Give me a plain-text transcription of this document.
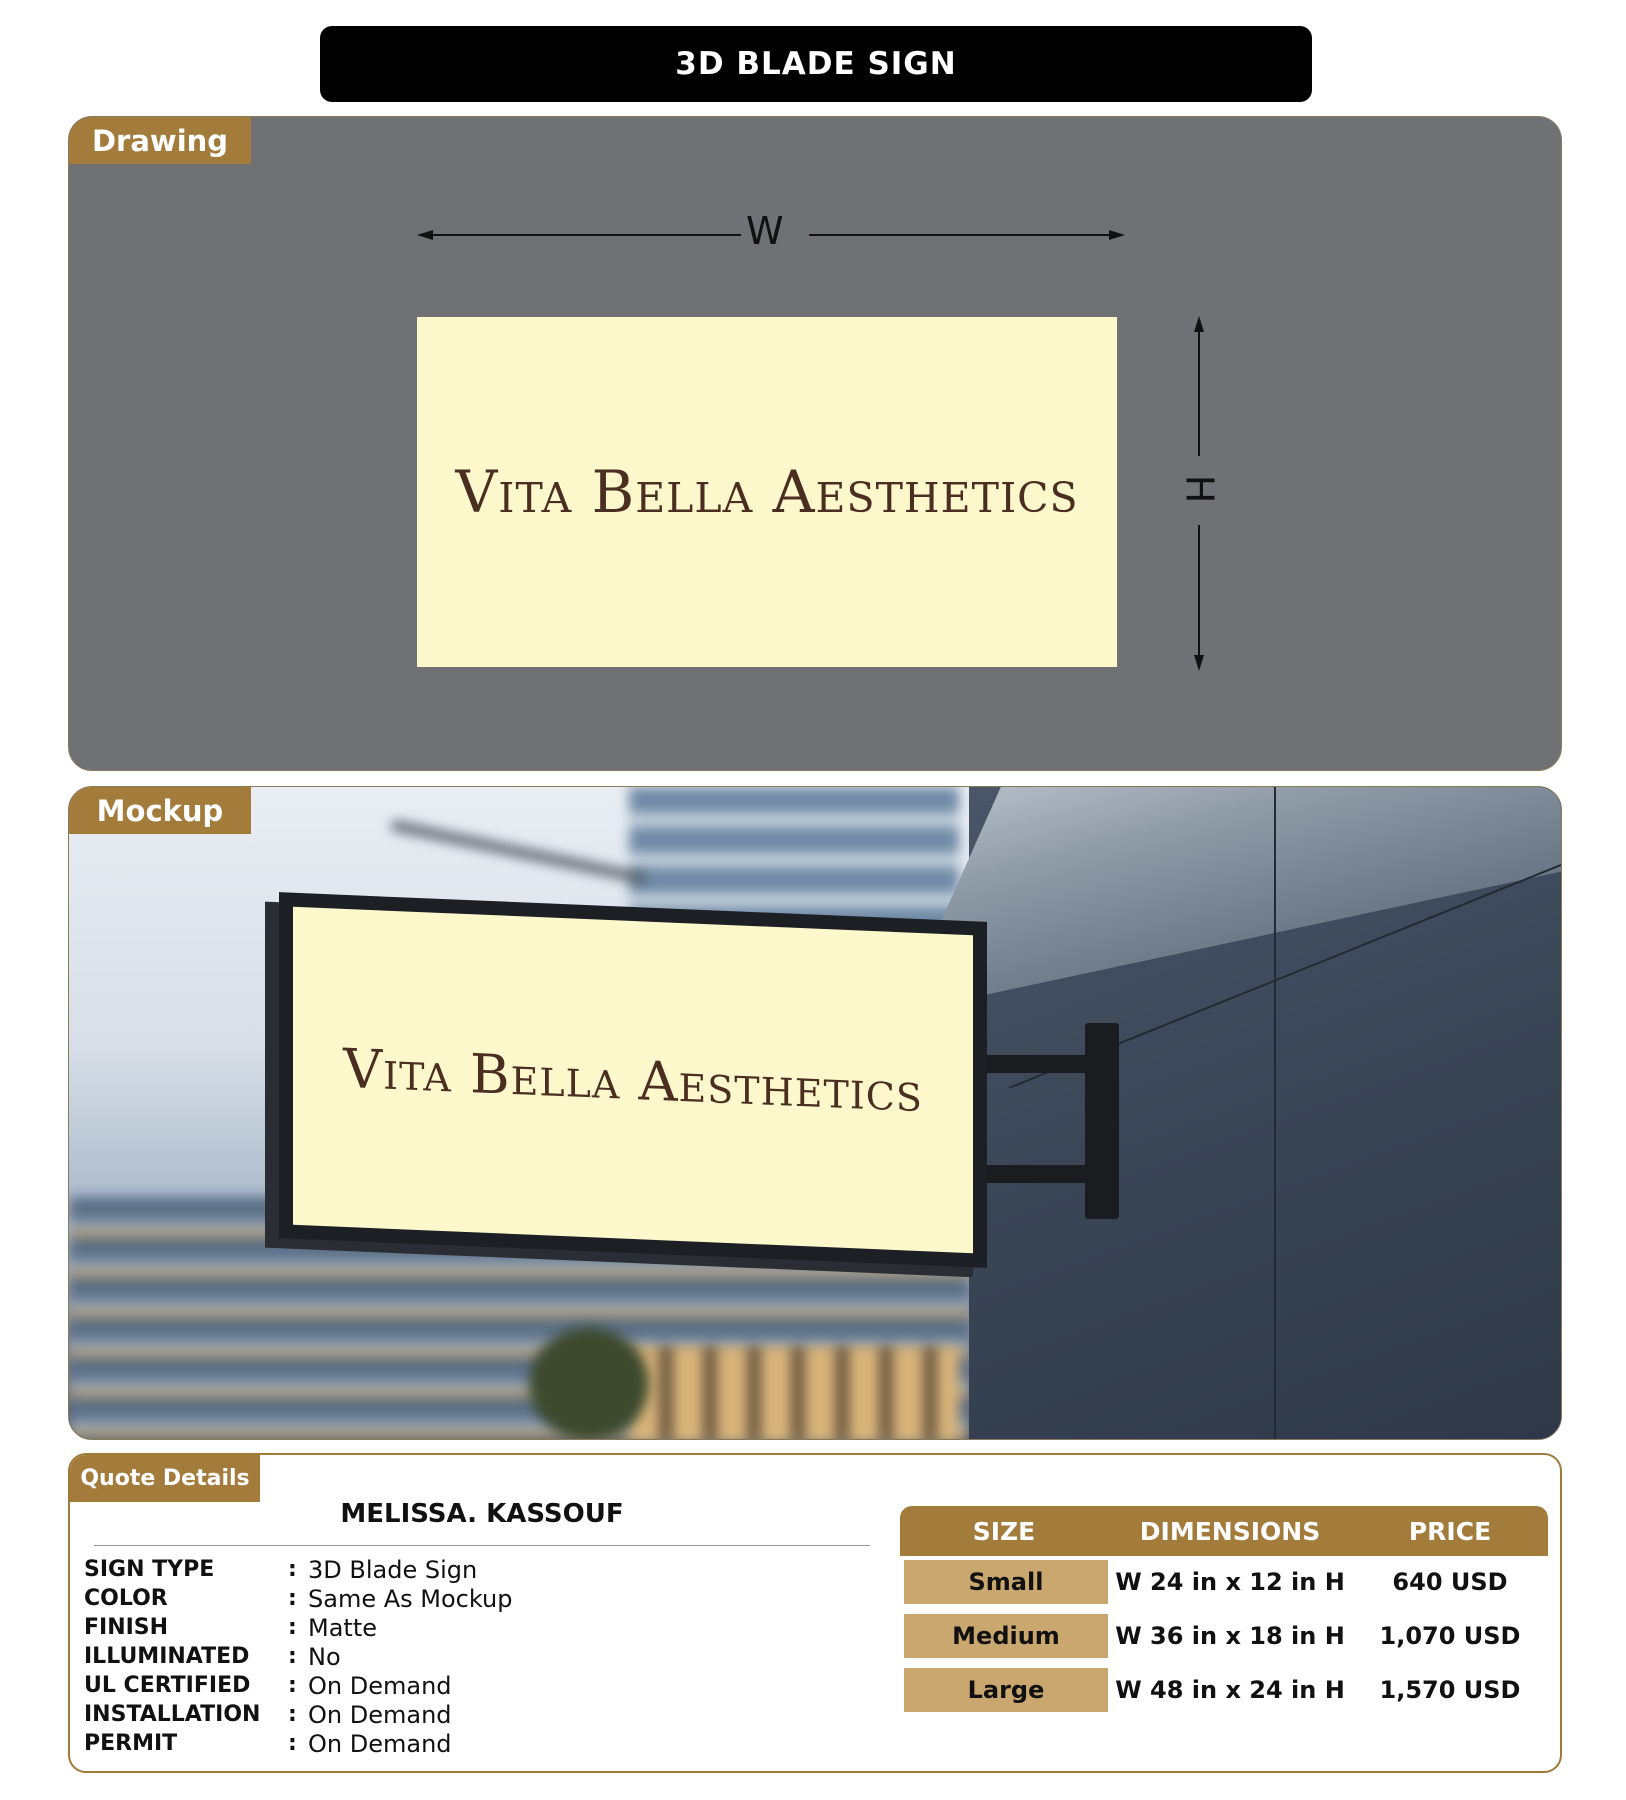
3D BLADE SIGN
Drawing
W
H
Vita Bella Aesthetics
Vita Bella Aesthetics
Mockup
Quote Details
MELISSA. KASSOUF
SIGN TYPE	: 3D Blade Sign
COLOR	: Same As Mockup
FINISH	: Matte
ILLUMINATED	: No
UL CERTIFIED	: On Demand
INSTALLATION	: On Demand
PERMIT	: On Demand
SIZE	DIMENSIONS	PRICE
Small	W 24 in x 12 in H	640 USD
Medium	W 36 in x 18 in H	1,070 USD
Large	W 48 in x 24 in H	1,570 USD
